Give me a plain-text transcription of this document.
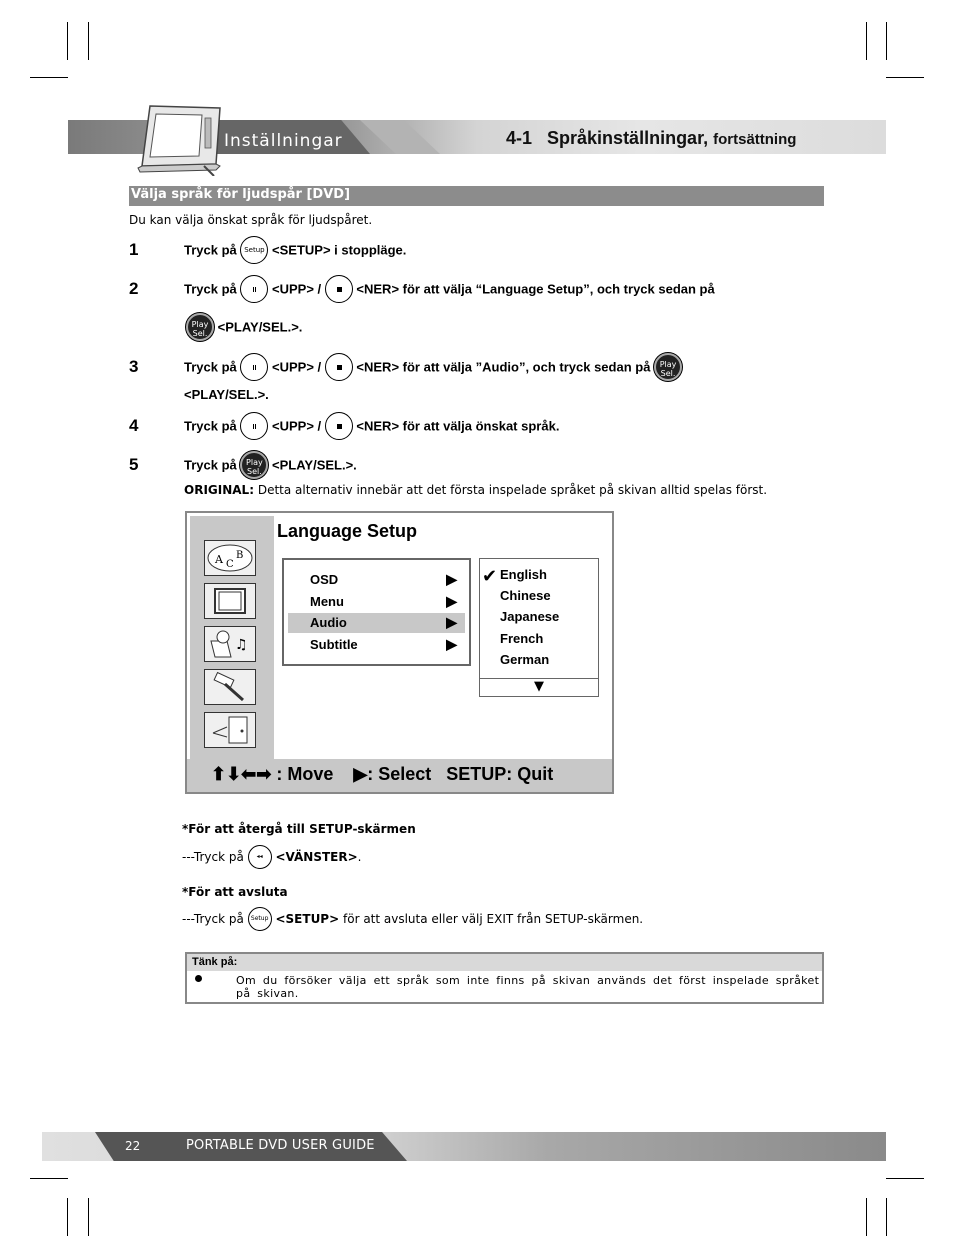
Inställningar	4-1 Språkinställningar, fortsättning
Välja språk för ljudspår [DVD]
Du kan välja önskat språk för ljudspåret.
1	Tryck på Setup <SETUP> i stoppläge.
2	Tryck på	<UPP> /	<NER> för att välja “Language Setup”, och tryck sedan på
Play
Sel. <PLAY/SEL.>.
3	Tryck på	<UPP> /	<NER> för att välja ”Audio”, och tryck sedan på Play
Sel.
<PLAY/SEL.>.
4	Tryck på	<UPP> /	<NER> för att välja önskat språk.
5	Tryck på Play
Sel. <PLAY/SEL.>.
ORIGINAL: Detta alternativ innebär att det första inspelade språket på skivan alltid spelas först.
A C
B
♫
Language Setup
OSD	▶
Menu	▶
Audio	▶
Subtitle	▶
✔ English
Chinese
Japanese
French
German
▼
⬆⬇⬅➡ : Move ▶: Select SETUP: Quit
*För att återgå till SETUP-skärmen
---Tryck på ◂◂	<VÄNSTER>.
*För att avsluta
---Tryck på Setup <SETUP> för att avsluta eller välj EXIT från SETUP-skärmen.
Tänk på:
Om du försöker välja ett språk som inte finns på skivan används det först inspelade språket på skivan.
22	PORTABLE DVD USER GUIDE
